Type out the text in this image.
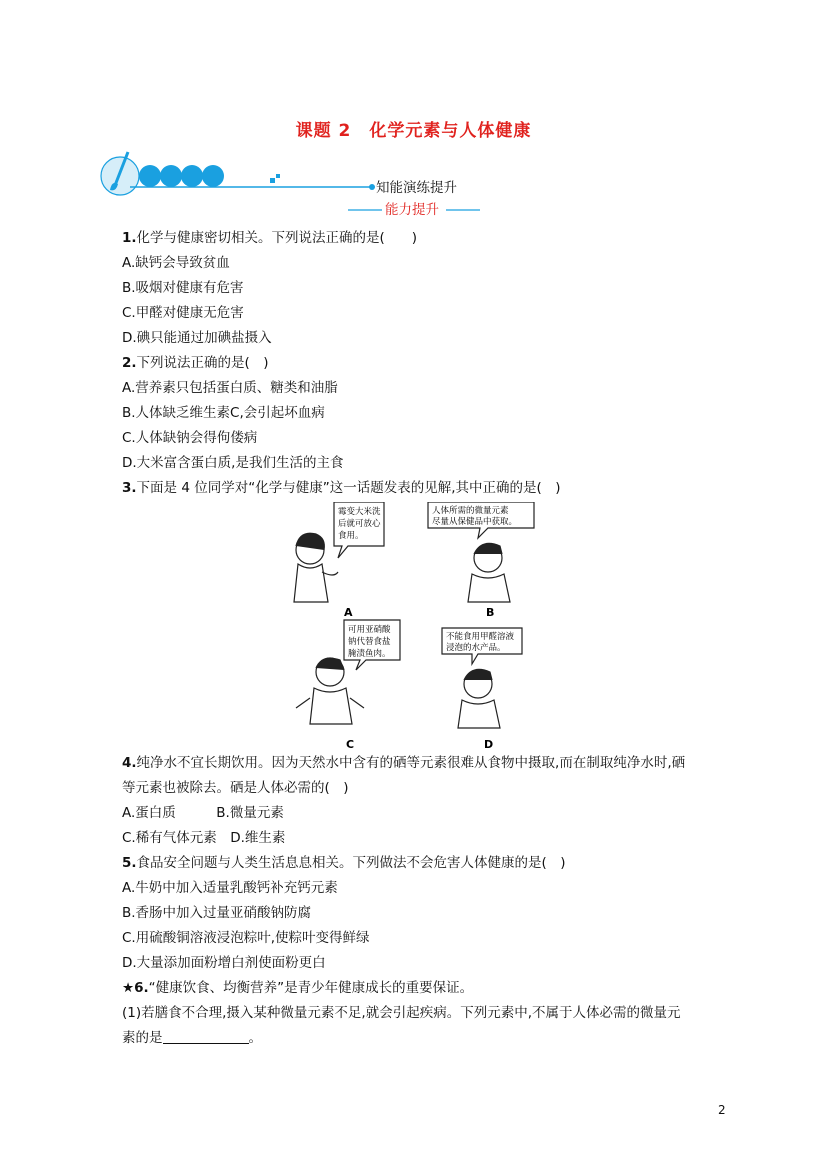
课题 2　化学元素与人体健康
知能演练提升
能力提升
1.化学与健康密切相关。下列说法正确的是(　　)
A.缺钙会导致贫血
B.吸烟对健康有危害
C.甲醛对健康无危害
D.碘只能通过加碘盐摄入
2.下列说法正确的是(　)
A.营养素只包括蛋白质、糖类和油脂
B.人体缺乏维生素C,会引起坏血病
C.人体缺钠会得佝偻病
D.大米富含蛋白质,是我们生活的主食
3.下面是 4 位同学对“化学与健康”这一话题发表的见解,其中正确的是(　)
霉变大米洗
后就可放心
食用。
A
人体所需的微量元素
尽量从保健品中获取。
B
可用亚硝酸
钠代替食盐
腌渍鱼肉。
C
不能食用甲醛溶液
浸泡的水产品。
D
4.纯净水不宜长期饮用。因为天然水中含有的硒等元素很难从食物中摄取,而在制取纯净水时,硒
等元素也被除去。硒是人体必需的(　)
A.蛋白质　　　B.微量元素
C.稀有气体元素　D.维生素
5.食品安全问题与人类生活息息相关。下列做法不会危害人体健康的是(　)
A.牛奶中加入适量乳酸钙补充钙元素
B.香肠中加入过量亚硝酸钠防腐
C.用硫酸铜溶液浸泡粽叶,使粽叶变得鲜绿
D.大量添加面粉增白剂使面粉更白
★6.“健康饮食、均衡营养”是青少年健康成长的重要保证。
(1)若膳食不合理,摄入某种微量元素不足,就会引起疾病。下列元素中,不属于人体必需的微量元
素的是	。
2
